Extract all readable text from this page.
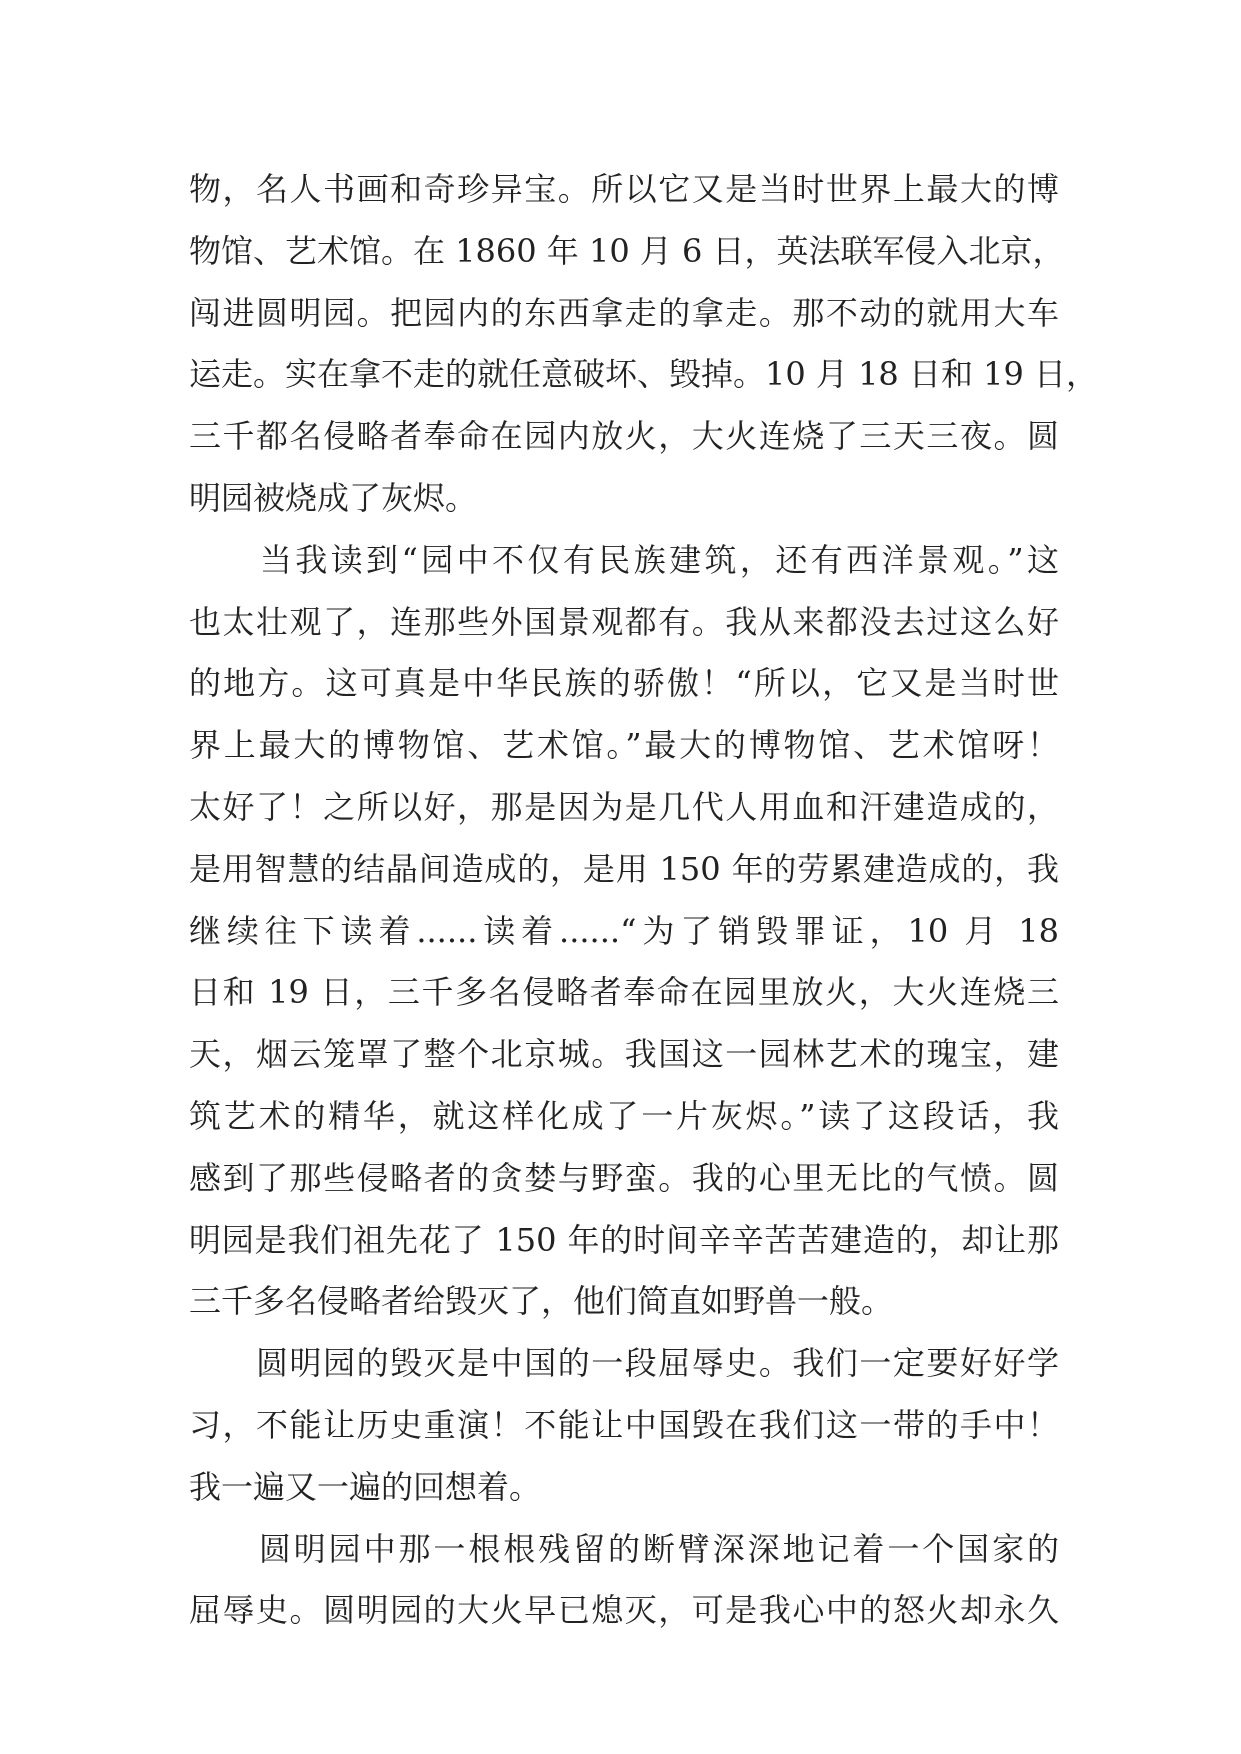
物，名人书画和奇珍异宝。所以它又是当时世界上最大的博
物馆、艺术馆。在 1860 年 10 月 6 日，英法联军侵入北京，
闯进圆明园。把园内的东西拿走的拿走。那不动的就用大车
运走。实在拿不走的就任意破坏、毁掉。10 月 18 日和 19 日，
三千都名侵略者奉命在园内放火，大火连烧了三天三夜。圆
明园被烧成了灰烬。
　　当我读到“园中不仅有民族建筑，还有西洋景观。”这
也太壮观了，连那些外国景观都有。我从来都没去过这么好
的地方。这可真是中华民族的骄傲！“所以，它又是当时世
界上最大的博物馆、艺术馆。”最大的博物馆、艺术馆呀！
太好了！之所以好，那是因为是几代人用血和汗建造成的，
是用智慧的结晶间造成的，是用 150 年的劳累建造成的，我
继续往下读着......读着......“为了销毁罪证，10 月 18
日和 19 日，三千多名侵略者奉命在园里放火，大火连烧三
天，烟云笼罩了整个北京城。我国这一园林艺术的瑰宝，建
筑艺术的精华，就这样化成了一片灰烬。”读了这段话，我
感到了那些侵略者的贪婪与野蛮。我的心里无比的气愤。圆
明园是我们祖先花了 150 年的时间辛辛苦苦建造的，却让那
三千多名侵略者给毁灭了，他们简直如野兽一般。
　　圆明园的毁灭是中国的一段屈辱史。我们一定要好好学
习，不能让历史重演！不能让中国毁在我们这一带的手中！
我一遍又一遍的回想着。
　　圆明园中那一根根残留的断臂深深地记着一个国家的
屈辱史。圆明园的大火早已熄灭，可是我心中的怒火却永久
